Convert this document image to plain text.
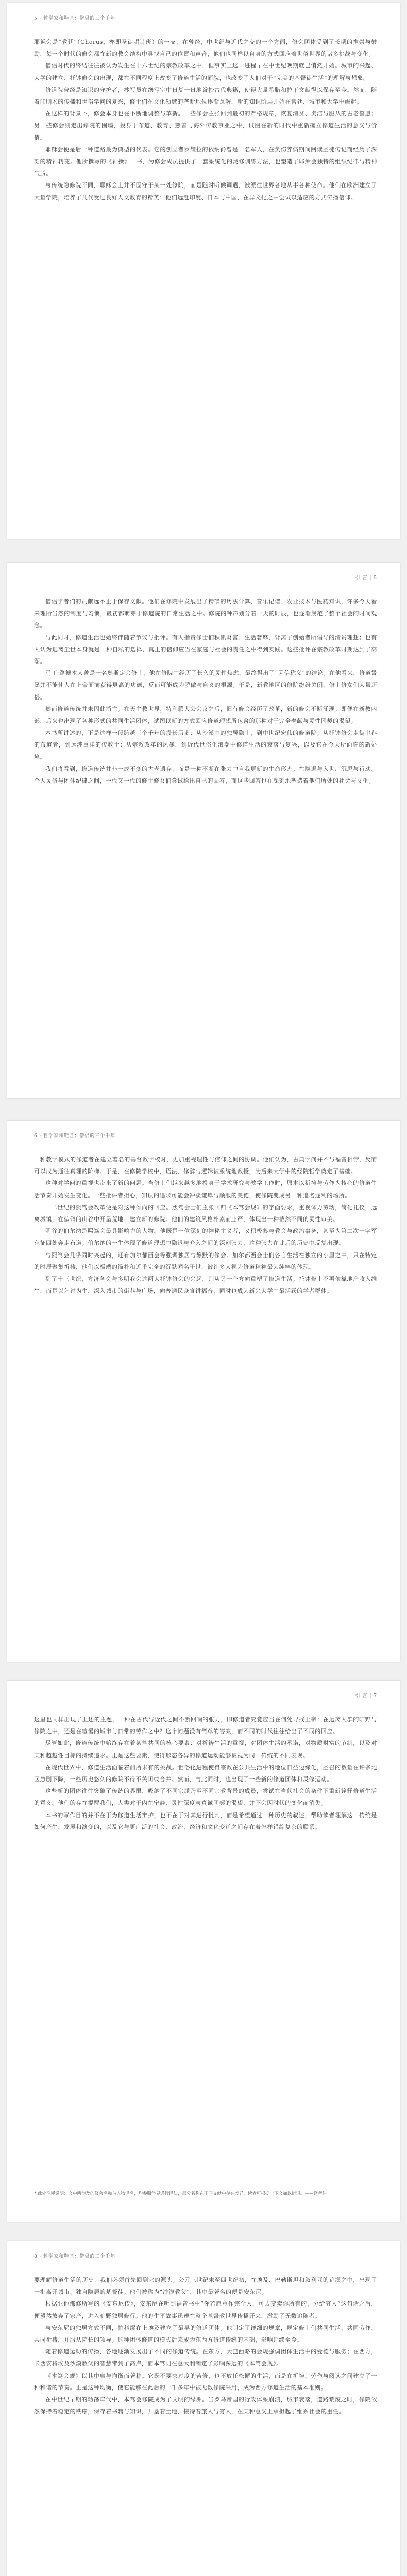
5 · 哲学家和鞋匠：僧侣的三个千年

耶稣会是“教廷”（Chorus，亦即圣徒唱诗班）的一支，在曾经，中世纪与近代之交的一个方面，修会团体受到了长期的推崇与鼓励，每一个时代的修会都在新的教会结构中寻找自己的位置和声音，他们也同样以自身的方式回应着世俗世界的诸多挑战与变化。

僧侣时代的终结往往被认为发生在十六世纪的宗教改革之中，但事实上这一进程早在中世纪晚期就已悄然开始。城市的兴起、大学的建立、托钵修会的出现，都在不同程度上改变了修道生活的面貌，也改变了人们对于“完美的基督徒生活”的理解与想象。

修道院曾经是知识的守护者，抄写员在缮写室中日复一日地誊抄古代典籍，使得大量希腊和拉丁文献得以保存至今。然而，随着印刷术的传播和世俗学问的复兴，修士们在文化领域的垄断地位逐渐瓦解，新的知识阶层开始在宫廷、城市和大学中崛起。

在这样的背景下，修会本身也在不断地调整与革新。一些修会主张回到最初的严格规章，恢复清贫、贞洁与服从的古老誓愿；另一些修会则走出修院的围墙，投身于布道、教育、慈善与海外传教事业之中，试图在新的时代中重新确立修道生活的意义与价值。

耶稣会便是后一种道路最为典型的代表。它的创立者罗耀拉的依纳爵曾是一名军人，在负伤养病期间阅读圣徒传记而经历了深刻的精神转变。他所撰写的《神操》一书，为修会成员提供了一套系统化的灵修训练方法，也塑造了耶稣会独特的组织纪律与精神气质。

与传统隐修院不同，耶稣会士并不固守于某一处修院，而是随时听候调遣，被派往世界各地从事各种使命。他们在欧洲建立了大量学院，培养了几代受过良好人文教育的精英；他们远赴印度、日本与中国，在异文化之中尝试以适应的方式传播信仰。

引 言 | 5

僧侣学者们的贡献远不止于保存文献。他们在修院中发展出了精确的历法计算、音乐记谱、农业技术与医药知识，许多今天看来理所当然的制度与习惯，最初都萌芽于修道院的日常生活之中。修院的钟声划分着一天的时辰，也逐渐规范了整个社会的时间观念。

与此同时，修道生活也始终伴随着争议与批评。有人指责修士们积累财富、生活奢靡，背离了创始者所倡导的清贫理想；也有人认为逃离尘世本身就是一种自私的选择，真正的信仰应当在家庭与社会的责任之中得到实践。这些批评在宗教改革时期达到了高潮。

马丁·路德本人曾是一名奥斯定会修士，他在修院中经历了长久的灵性焦虑，最终得出了“因信称义”的结论。在他看来，修道誓愿并不能使人在上帝面前获得更高的功德，反而可能成为骄傲与自义的根源。于是，新教地区的修院纷纷关闭，修士修女们大量还俗。

然而修道传统并未因此消亡。在天主教世界，特利腾大公会议之后，旧有修会经历了改革，新的修会不断涌现；即便在新教内部，后来也出现了各种形式的共同生活团体，试图以新的方式回应修道理想所包含的那种对于完全奉献与灵性团契的渴望。

本书所讲述的，正是这样一段跨越三个千年的漫长历史：从沙漠中的独居隐士，到中世纪宏伟的修道院；从托钵修会走街串巷的布道者，到远涉重洋的传教士；从宗教改革的风暴，到近代世俗化浪潮中修道生活的衰落与复兴，以及它在今天所面临的新处境。

我们将看到，修道传统并非一成不变的古老遗存，而是一种不断在张力中自我更新的生命形态。在隐退与入世、沉思与行动、个人灵修与团体纪律之间，一代又一代的修士修女们尝试给出自己的回答，而这些回答也在深刻地塑造着他们所处的社会与文化。

6 · 哲学家和鞋匠：僧侣的三个千年

一种教学模式的修道者在建立著名的基督教学校时，更加重视理性与信仰之间的协调。他们认为，古典学问并不与福音相悖，反而可以成为通往真理的阶梯。于是，在修院学校中，语法、修辞与逻辑被系统地教授，为后来大学中的经院哲学奠定了基础。

这种对学问的重视也带来了新的问题。当修士们越来越多地投身于学术研究与教学工作时，原本以祈祷与劳作为核心的修道生活节奏开始发生变化。一些批评者担心，知识的追求可能会冲淡谦卑与顺服的美德，使修院变成另一种追名逐利的场所。

十二世纪的熙笃会改革便是对这种倾向的回应。熙笃会士们主张回归《本笃会规》的字面要求，重视体力劳动，简化礼仪，远离城镇，在偏僻的山谷中开垦荒地、建立新的修院。他们的建筑风格朴素而庄严，体现出一种截然不同的灵性审美。

明谷的伯尔纳是熙笃会最具影响力的人物。他既是一位深刻的神秘主义者，又积极参与教会与政治事务，甚至为第二次十字军东征四处奔走布道。伯尔纳的一生体现了修道理想中隐退与介入之间的深刻张力，这种张力在此后的历史中反复出现。

与熙笃会几乎同时兴起的，还有加尔都西会等强调独居与静默的修会。加尔都西会士们各自生活在独立的小屋之中，只在特定的时辰聚集祈祷，他们以极端的简朴和近乎完全的沉默闻名于世，被许多人视为修道精神最为纯粹的体现。

到了十三世纪，方济各会与多明我会这两大托钵修会的兴起，则从另一个方向重塑了修道生活。托钵修士不再依靠地产收入维生，而是以乞讨为生，深入城市的街巷与广场，向普通民众宣讲福音，同时也成为新兴大学中最活跃的学者群体。

引 言 | 7

这里也同样出现了上述的主题，一种在古代与近代之间不断回响的张力，即修道者究竟应当在何处寻找上帝：在远离人群的旷野与修院之中，还是在喧嚣的城市与日常的劳作之中？这个问题没有简单的答案，而不同的时代往往给出了不同的回应。

尽管如此，修道传统中始终存在着某些共同的核心要素：对祈祷生活的重视，对团体生活的承诺，对物质财富的节制，以及对某种超越性目标的持续追求。正是这些要素，使得形态各异的修道运动能够被视为同一传统的不同表现。

在现代世界中，修道生活面临着前所未有的挑战。世俗化进程使得宗教在公共生活中的地位日益边缘化，圣召的数量在许多地区急剧下降，一些历史悠久的修院不得不关闭或合并。然而，与此同时，也出现了一些新的修道团体和灵修运动。

这些新的团体往往突破了传统的界限，吸纳了不同宗派乃至不同宗教背景的成员，尝试在当代社会的条件下重新诠释修道生活的意义。他们的存在提醒我们，人类对于内在宁静、灵性深度与真诚团契的渴望，并不会因时代的变化而消失。

本书的写作目的并不在于为修道生活辩护，也不在于对其进行批判，而是希望通过一种历史的叙述，帮助读者理解这一传统是如何产生、发展和演变的，以及它与更广泛的社会、政治、经济和文化变迁之间存在着怎样错综复杂的联系。

* 此处注释说明：文中所涉及的修会名称与人物译名，均参照学界通行译法，部分名称在不同文献中存在差异，读者可根据上下文加以辨识。——译者注
8 · 哲学家和鞋匠：僧侣的三个千年

要理解修道生活的历史，我们必须首先回到它的源头。公元三世纪末至四世纪初，在埃及、巴勒斯坦和叙利亚的荒漠之中，出现了一批离开城市、独自隐居的基督徒。他们被称为“沙漠教父”，其中最著名的便是安东尼。

根据亚他那修所写的《安东尼传》，安东尼在听到福音书中“你若愿意作完全人，可去变卖你所有的，分给穷人”这句话之后，便毅然放弃了家产，进入旷野独居修行。他的生平故事迅速在整个基督教世界传播开来，激励了无数追随者。

与安东尼的独居方式不同，帕科缪在上埃及建立了最早的修道团体。他制定了详细的规章，规定修士们共同生活、共同劳作、共同祈祷，并服从院长的领导。这种团体修道的模式后来成为东西方修道传统的基础，影响延续至今。

随着修道运动的传播，各地逐渐发展出了不同的修道传统。在东方，大巴西略的会规强调团体生活中的爱德与服务；在西方，卡西安将埃及沙漠教父的智慧带到了高卢，而本笃则在意大利制定了影响深远的《本笃会规》。

《本笃会规》以其中庸与均衡而著称。它既不要求过度的苦修，也不放任松懈的生活，而是在祈祷、劳作与阅读之间建立了一种和谐的节奏。正是这种均衡，使它能够在此后的一千多年中被无数修院采用，成为西方修道生活的基本准则。

在中世纪早期的动荡年代中，本笃会修院成为了文明的绿洲。当罗马帝国的行政体系崩溃，城市衰落，道路荒废之时，修院依然保持着稳定的秩序，保存着书籍与知识，开垦着土地，接待着旅人与穷人，在某种意义上承担起了维系社会的重任。
